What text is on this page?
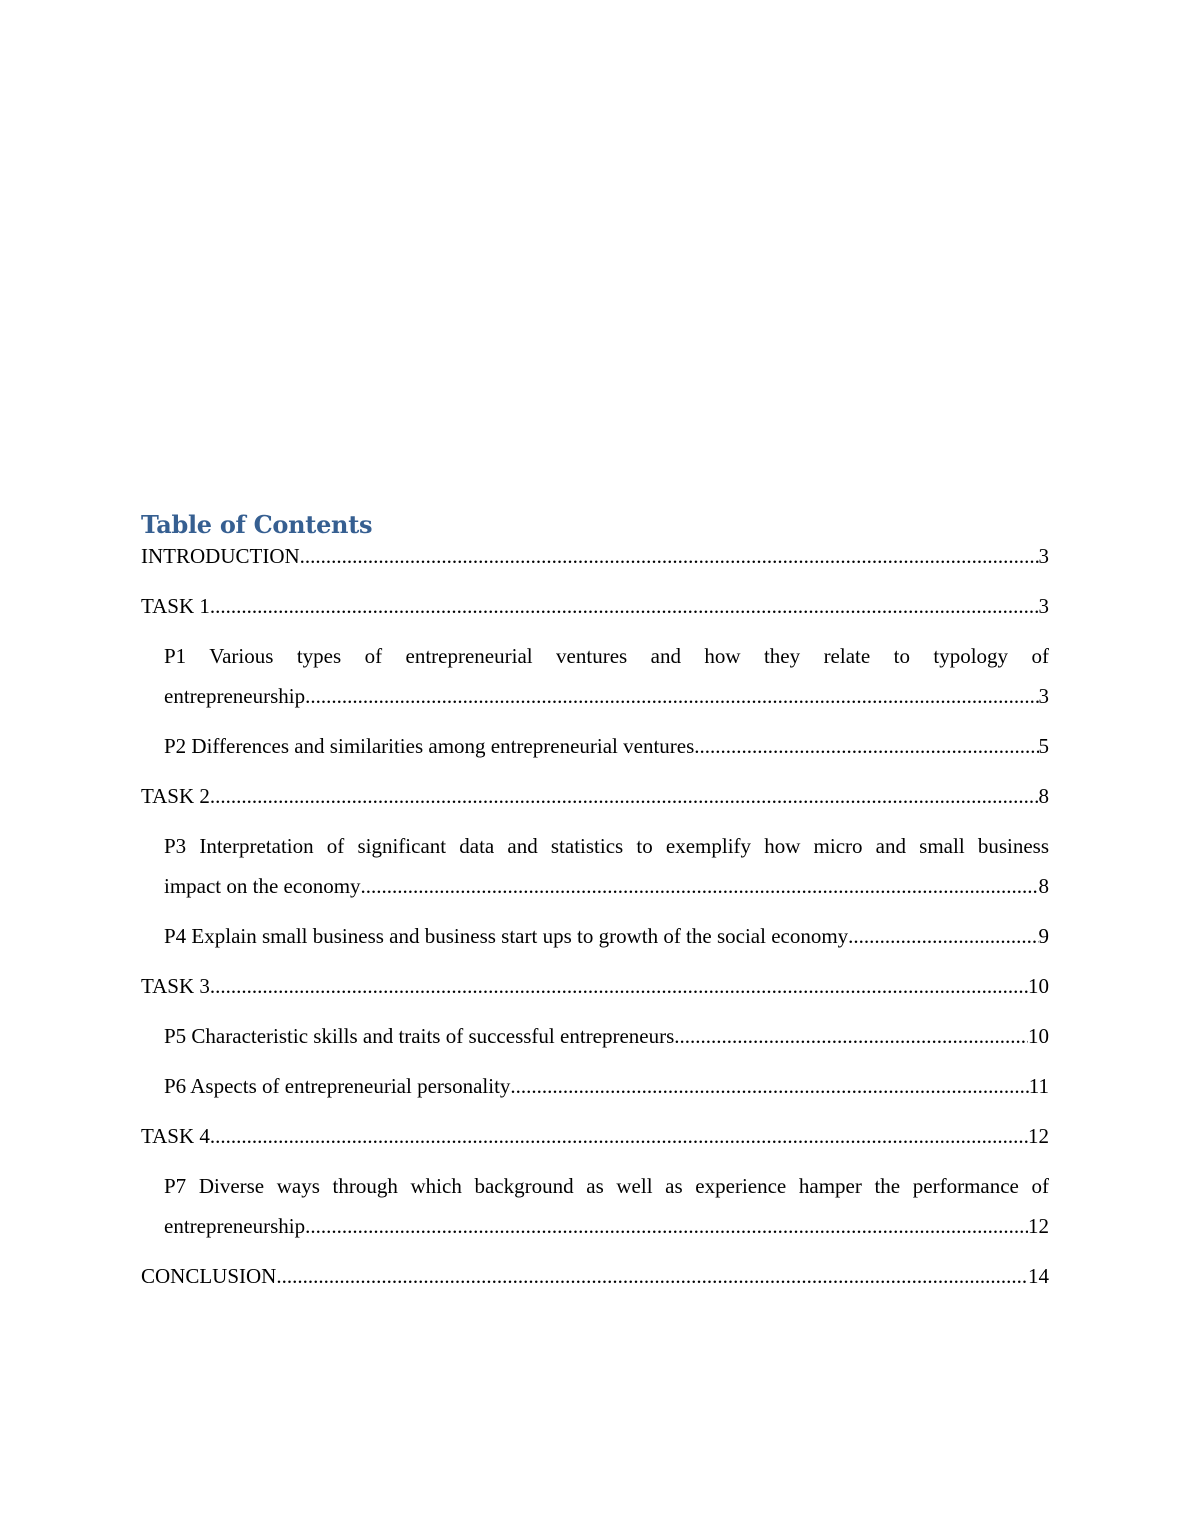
Table of Contents
INTRODUCTION .....	3
TASK 1 .....	3
P1 Various types of entrepreneurial ventures and how they relate to typology of
entrepreneurship .....	3
P2 Differences and similarities among entrepreneurial ventures .....	5
TASK 2 .....	8
P3 Interpretation of significant data and statistics to exemplify how micro and small business
impact on the economy .....	8
P4 Explain small business and business start ups to growth of the social economy .....	9
TASK 3 .....	10
P5 Characteristic skills and traits of successful entrepreneurs .....	10
P6 Aspects of entrepreneurial personality .....	11
TASK 4 .....	12
P7 Diverse ways through which background as well as experience hamper the performance of
entrepreneurship .....	12
CONCLUSION .....	14
